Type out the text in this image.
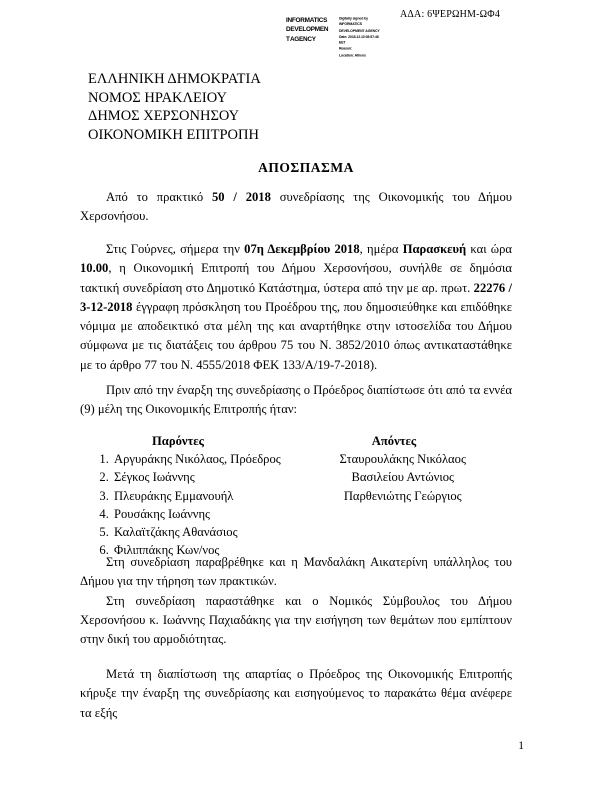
ΑΔΑ: 6ΨΕΡΩΗΜ-ΩΦ4
INFORMATICS
DEVELOPMEN
T AGENCY
Digitally signed by
INFORMATICS
DEVELOPMENT AGENCY
Date: 2018.12.10 08:57:46
EET
Reason:
Location: Athens
ΕΛΛΗΝΙΚΗ ΔΗΜΟΚΡΑΤΙΑ
ΝΟΜΟΣ ΗΡΑΚΛΕΙΟΥ
ΔΗΜΟΣ ΧΕΡΣΟΝΗΣΟΥ
ΟΙΚΟΝΟΜΙΚΗ ΕΠΙΤΡΟΠΗ
ΑΠΟΣΠΑΣΜΑ

Από το πρακτικό 50 / 2018 συνεδρίασης της Οικονομικής του Δήμου Χερσονήσου.

Στις Γούρνες, σήμερα την 07η Δεκεμβρίου 2018, ημέρα Παρασκευή και ώρα 10.00, η Οικονομική Επιτροπή του Δήμου Χερσονήσου, συνήλθε σε δημόσια τακτική συνεδρίαση στο Δημοτικό Κατάστημα, ύστερα από την με αρ. πρωτ. 22276 / 3-12-2018 έγγραφη πρόσκληση του Προέδρου της, που δημοσιεύθηκε και επιδόθηκε νόμιμα με αποδεικτικό στα μέλη της και αναρτήθηκε στην ιστοσελίδα του Δήμου σύμφωνα με τις διατάξεις του άρθρου 75 του Ν. 3852/2010 όπως αντικαταστάθηκε με το άρθρο 77 του Ν. 4555/2018 ΦΕΚ 133/Α/19-7-2018).

Πριν από την έναρξη της συνεδρίασης ο Πρόεδρος διαπίστωσε ότι από τα εννέα (9) μέλη της Οικονομικής Επιτροπής ήταν:

Παρόντες	Απόντες
1. Αργυράκης Νικόλαος, Πρόεδρος
2. Σέγκος Ιωάννης
3. Πλευράκης Εμμανουήλ
4. Ρουσάκης Ιωάννης
5. Καλαϊτζάκης Αθανάσιος
6. Φιλιππάκης Κων/νος
Σταυρουλάκης Νικόλαος
Βασιλείου Αντώνιος
Παρθενιώτης Γεώργιος

Στη συνεδρίαση παραβρέθηκε και η Μανδαλάκη Αικατερίνη υπάλληλος του Δήμου για την τήρηση των πρακτικών.

Στη συνεδρίαση παραστάθηκε και ο Νομικός Σύμβουλος του Δήμου Χερσονήσου κ. Ιωάννης Παχιαδάκης για την εισήγηση των θεμάτων που εμπίπτουν στην δική του αρμοδιότητας.

Μετά τη διαπίστωση της απαρτίας ο Πρόεδρος της Οικονομικής Επιτροπής κήρυξε την έναρξη της συνεδρίασης και εισηγούμενος το παρακάτω θέμα ανέφερε τα εξής

1
